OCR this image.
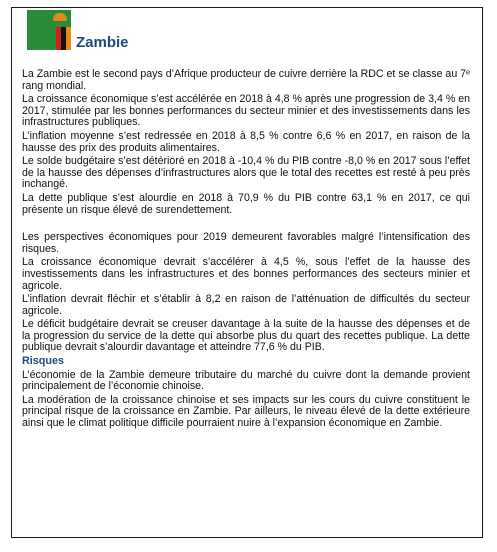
Zambie

La Zambie est le second pays d’Afrique producteur de cuivre derrière la RDC et se classe au 7ᵉ rang mondial.

La croissance économique s’est accélérée en 2018 à 4,8 % après une progression de 3,4 % en 2017, stimulée par les bonnes performances du secteur minier et des investissements dans les infrastructures publiques.

L’inflation moyenne s’est redressée en 2018 à 8,5 % contre 6,6 % en 2017, en raison de la hausse des prix des produits alimentaires.

Le solde budgétaire s’est détérioré en 2018 à -10,4 % du PIB contre -8,0 % en 2017 sous l’effet de la hausse des dépenses d’infrastructures alors que le total des recettes est resté à peu près inchangé.

La dette publique s’est alourdie en 2018 à 70,9 % du PIB contre 63,1 % en 2017, ce qui présente un risque élevé de surendettement.

Les perspectives économiques pour 2019 demeurent favorables malgré l’intensification des risques.

La croissance économique devrait s’accélérer à 4,5 %, sous l’effet de la hausse des investissements dans les infrastructures et des bonnes performances des secteurs minier et agricole.

L’inflation devrait fléchir et s’établir à 8,2 en raison de l’atténuation de difficultés du secteur agricole.

Le déficit budgétaire devrait se creuser davantage à la suite de la hausse des dépenses et de la progression du service de la dette qui absorbe plus du quart des recettes publique. La dette publique devrait s’alourdir davantage et atteindre 77,6 % du PIB.

Risques

L’économie de la Zambie demeure tributaire du marché du cuivre dont la demande provient principalement de l’économie chinoise.

La modération de la croissance chinoise et ses impacts sur les cours du cuivre constituent le principal risque de la croissance en Zambie. Par ailleurs, le niveau élevé de la dette extérieure ainsi que le climat politique difficile pourraient nuire à l’expansion économique en Zambie.
